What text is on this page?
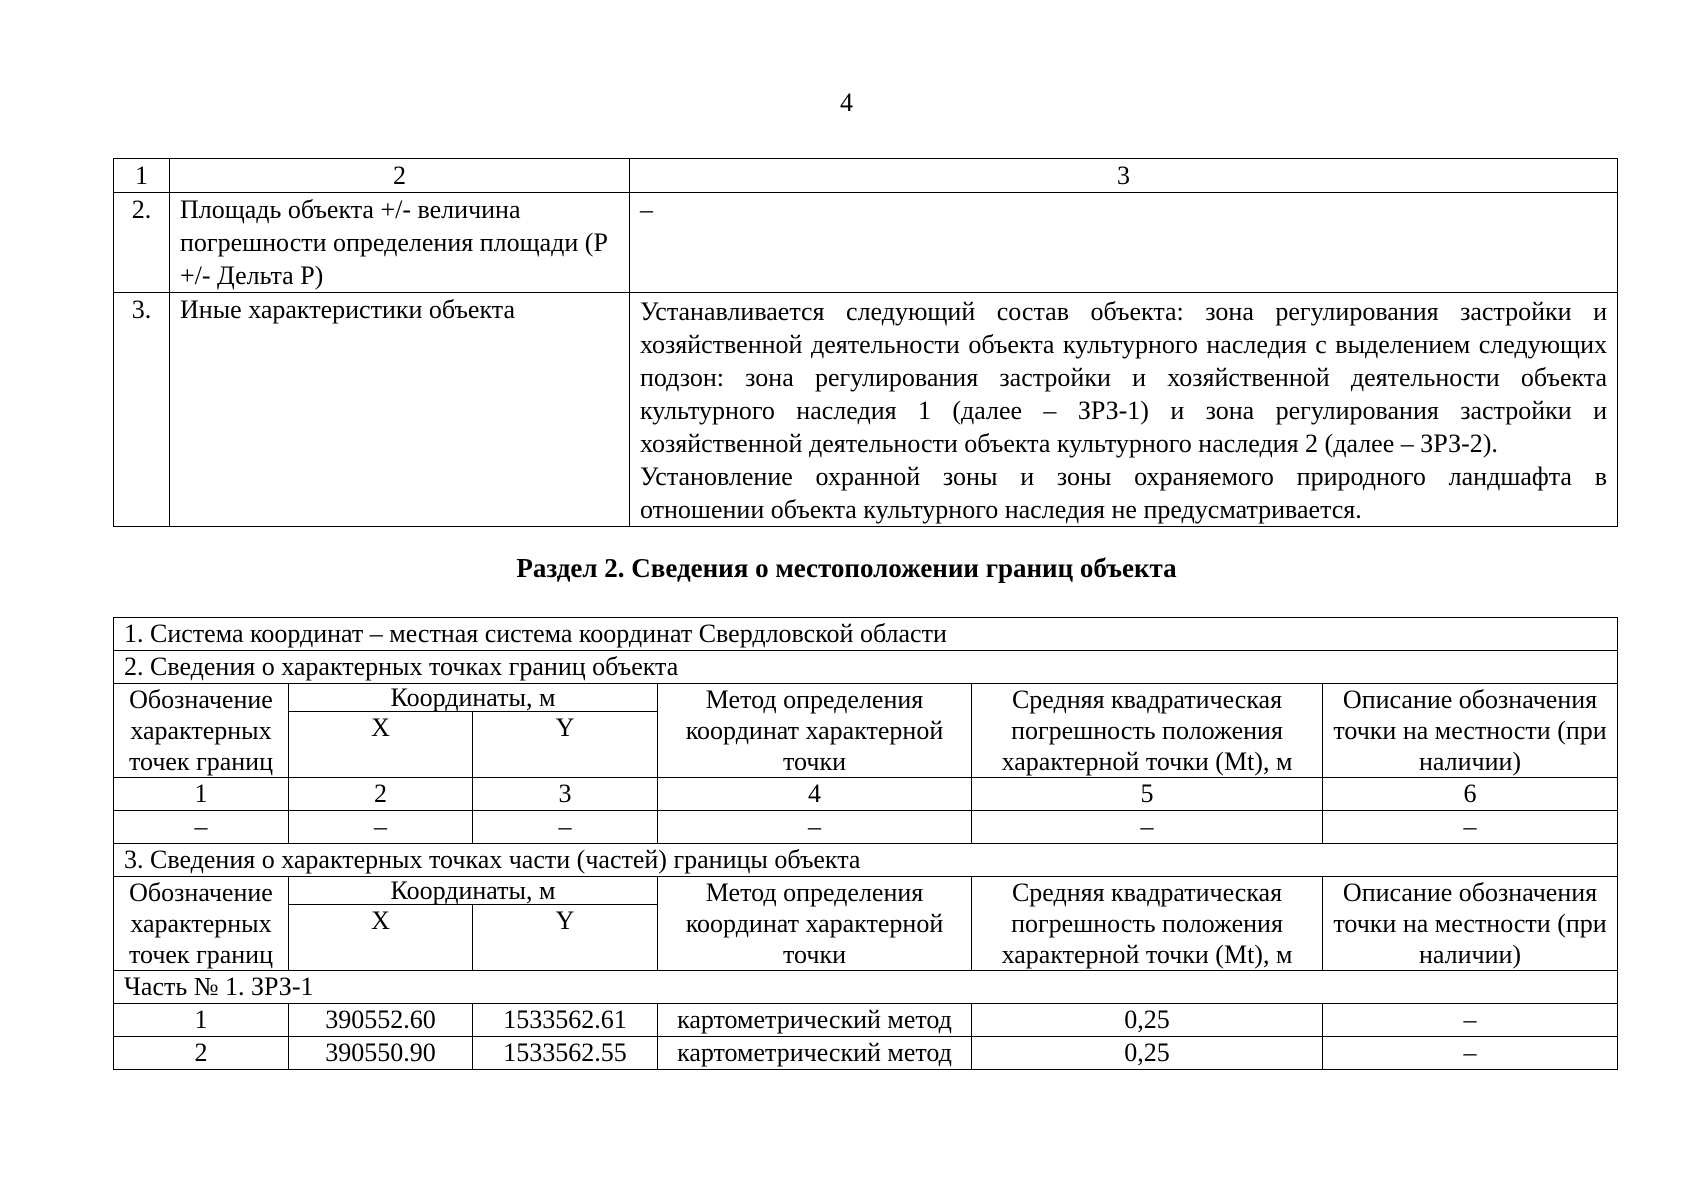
4
1	2	3
2.	Площадь объекта +/- величина погрешности определения площади (Р +/- Дельта Р)	–
3.	Иные характеристики объекта	Устанавливается следующий состав объекта: зона регулирования застройки и хозяйственной деятельности объекта культурного наследия с выделением следующих подзон: зона регулирования застройки и хозяйственной деятельности объекта культурного наследия 1 (далее – ЗРЗ-1) и зона регулирования застройки и хозяйственной деятельности объекта культурного наследия 2 (далее – ЗРЗ-2).
Установление охранной зоны и зоны охраняемого природного ландшафта в отношении объекта культурного наследия не предусматривается.
Раздел 2. Сведения о местоположении границ объекта
1. Система координат – местная система координат Свердловской области					
2. Сведения о характерных точках границ объекта					
Обозначение характерных точек границ	Координаты, м		Метод определения координат характерной точки	Средняя квадратическая погрешность положения характерной точки (Mt), м	Описание обозначения точки на местности (при наличии)
	X	Y			
1	2	3	4	5	6
–	–	–	–	–	–
3. Сведения о характерных точках части (частей) границы объекта					
Обозначение характерных точек границ	Координаты, м		Метод определения координат характерной точки	Средняя квадратическая погрешность положения характерной точки (Mt), м	Описание обозначения точки на местности (при наличии)
	X	Y			
Часть № 1. ЗРЗ-1					
1	390552.60	1533562.61	картометрический метод	0,25	–
2	390550.90	1533562.55	картометрический метод	0,25	–
